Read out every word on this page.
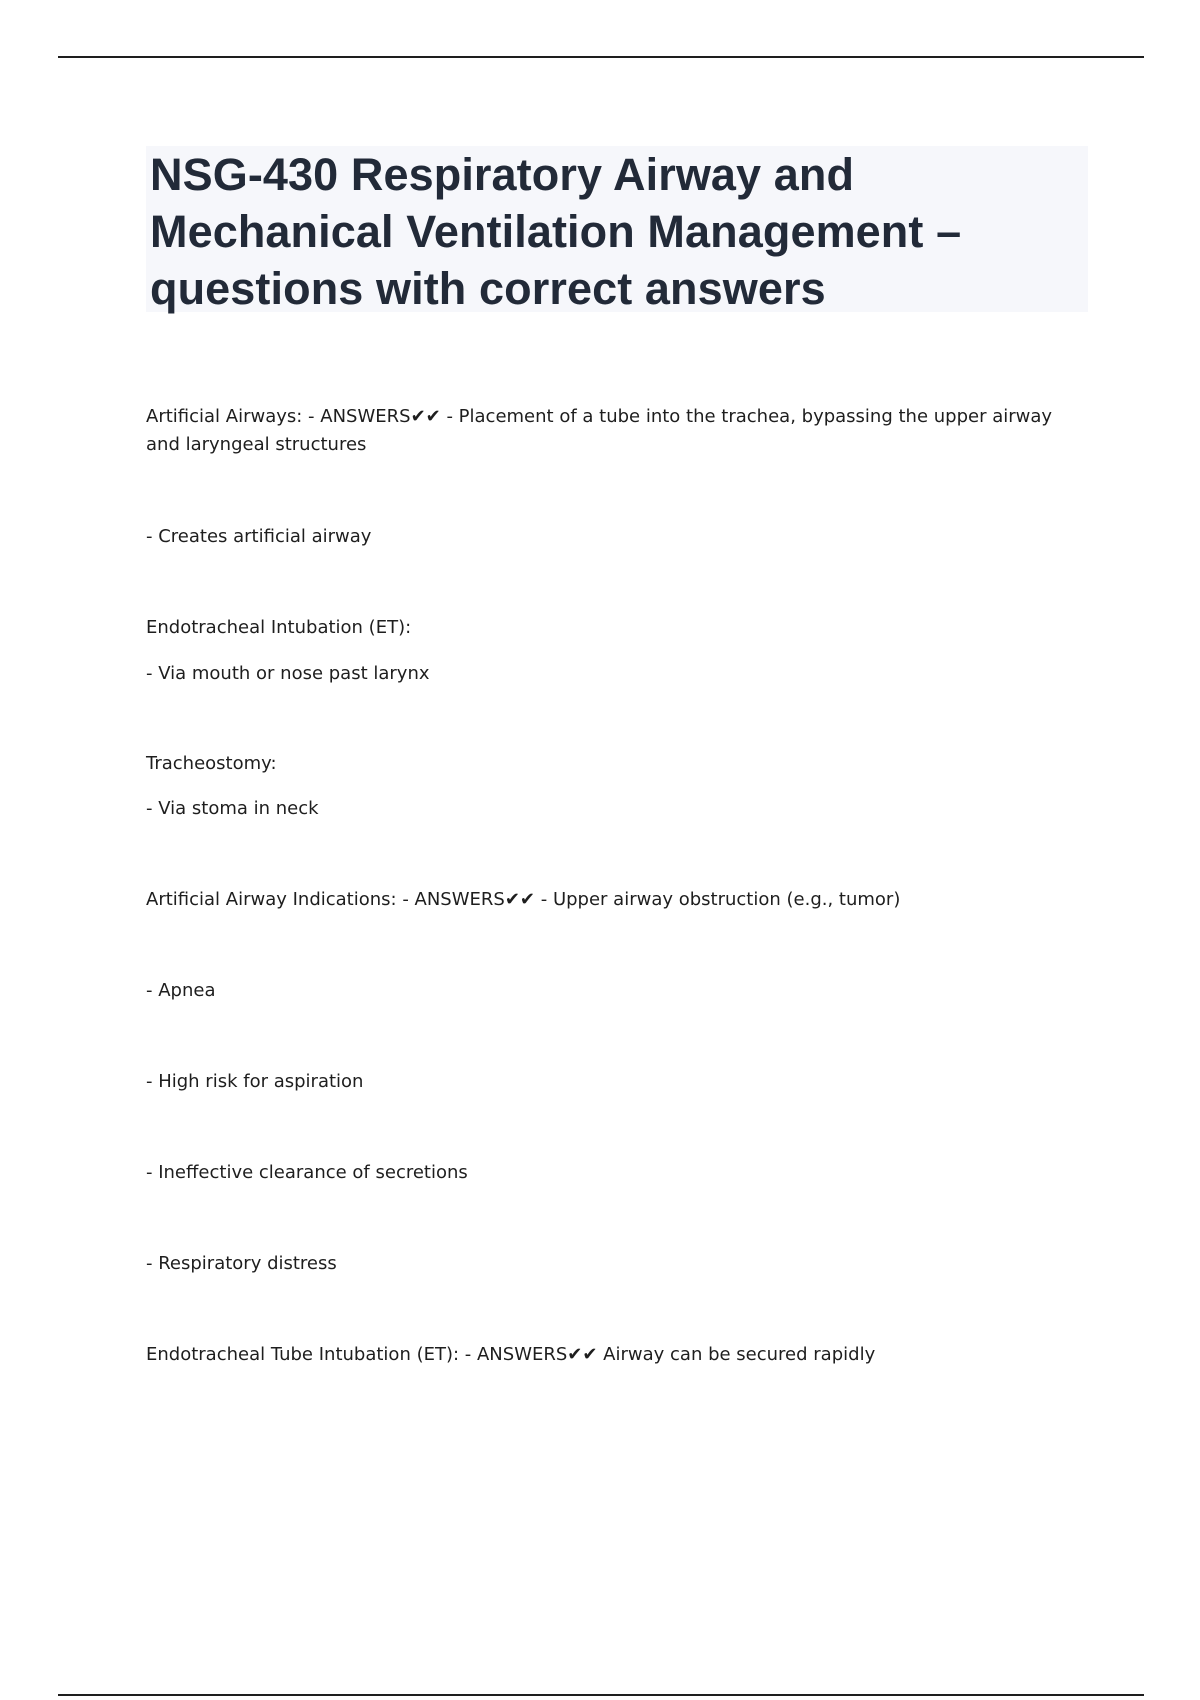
NSG-430 Respiratory Airway and Mechanical Ventilation Management – questions with correct answers
Artificial Airways: - ANSWERS✔✔ - Placement of a tube into the trachea, bypassing the upper airway and laryngeal structures
- Creates artificial airway
Endotracheal Intubation (ET):
- Via mouth or nose past larynx
Tracheostomy:
- Via stoma in neck
Artificial Airway Indications: - ANSWERS✔✔ - Upper airway obstruction (e.g., tumor)
- Apnea
- High risk for aspiration
- Ineffective clearance of secretions
- Respiratory distress
Endotracheal Tube Intubation (ET): - ANSWERS✔✔ Airway can be secured rapidly
